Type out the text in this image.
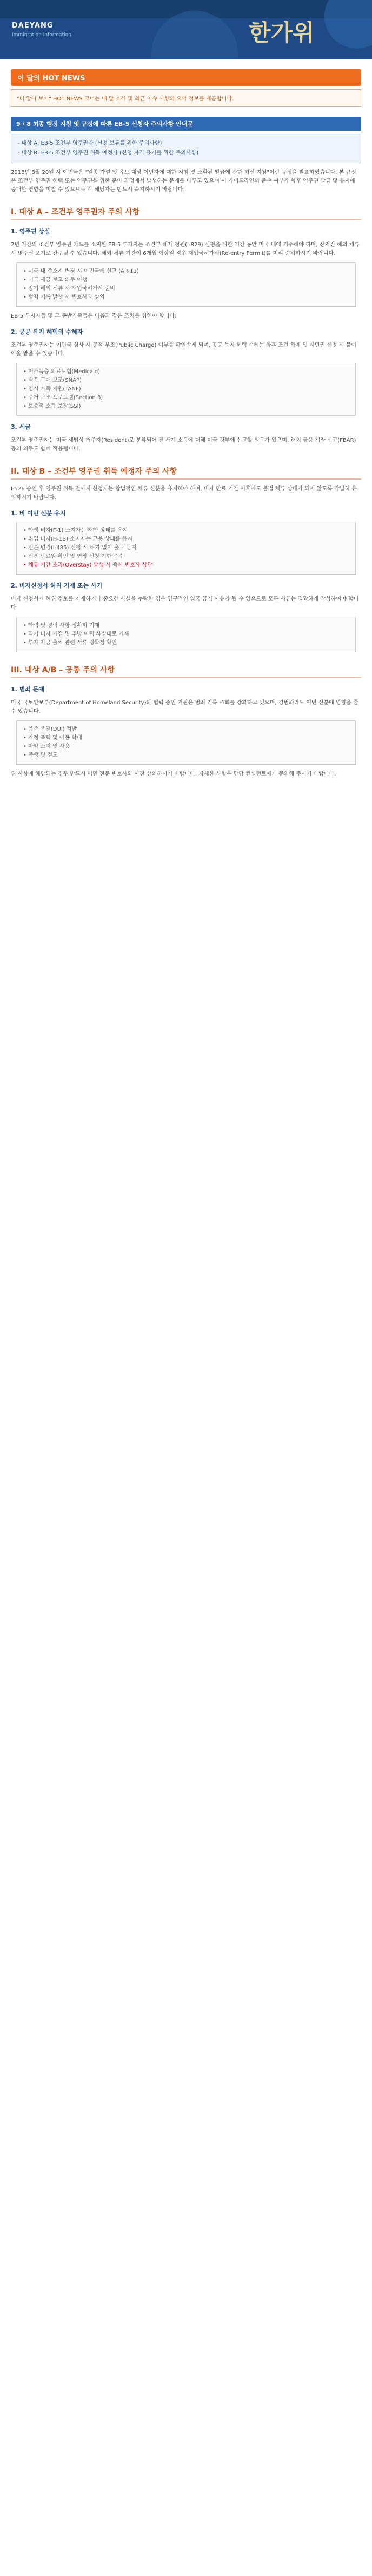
DAEYANG
Immigration Information	한가위
이 달의 HOT NEWS
"더 알아 보기" HOT NEWS 코너는 매 달 소식 및 최근 이슈 사항의 요약 정보를 제공합니다.
9 / 8 최종 행정 지침 및 규정에 따른 EB-5 신청자 주의사항 안내문
- 대상 A: EB-5 조건부 영주권자 (신청 보류를 위한 주의사항)
- 대상 B: EB-5 조건부 영주권 취득 예정자 (신청 자격 유지를 위한 주의사항)
2018년 8월 20일 시 이민국은 "일종 가설 및 유보 대상 이민자에 대한 지침 및 소환된 발급에 관한 최신 지침"이란 규정을 발표하였습니다. 본 규정은 조건부 영주권 혜택 또는 영주권을 위한 준비 과정에서 발생하는 문제를 다루고 있으며 이 가이드라인의 준수 여부가 향후 영주권 발급 및 유지에 중대한 영향을 미칠 수 있으므로 각 해당자는 반드시 숙지하시기 바랍니다.
I. 대상 A – 조건부 영주권자 주의 사항
1. 영주권 상실
2년 기간의 조건부 영주권 카드를 소지한 EB-5 투자자는 조건부 해제 청원(I-829) 신청을 위한 기간 동안 미국 내에 거주해야 하며, 장기간 해외 체류 시 영주권 포기로 간주될 수 있습니다. 해외 체류 기간이 6개월 이상일 경우 재입국허가서(Re-entry Permit)를 미리 준비하시기 바랍니다.
• 미국 내 주소지 변경 시 이민국에 신고 (AR-11)
• 미국 세금 보고 의무 이행
• 장기 해외 체류 시 재입국허가서 준비
• 범죄 기록 발생 시 변호사와 상의
EB-5 투자자들 및 그 동반가족들은 다음과 같은 조치를 취해야 합니다:
2. 공공 복지 혜택의 수혜자
조건부 영주권자는 이민국 심사 시 공적 부조(Public Charge) 여부를 확인받게 되며, 공공 복지 혜택 수혜는 향후 조건 해제 및 시민권 신청 시 불이익을 받을 수 있습니다.
• 저소득층 의료보험(Medicaid)
• 식품 구매 보조(SNAP)
• 임시 가족 지원(TANF)
• 주거 보조 프로그램(Section 8)
• 보충적 소득 보장(SSI)
3. 세금
조건부 영주권자는 미국 세법상 거주자(Resident)로 분류되어 전 세계 소득에 대해 미국 정부에 신고할 의무가 있으며, 해외 금융 계좌 신고(FBAR) 등의 의무도 함께 적용됩니다.
II. 대상 B – 조건부 영주권 취득 예정자 주의 사항
I-526 승인 후 영주권 취득 전까지 신청자는 합법적인 체류 신분을 유지해야 하며, 비자 만료 기간 이후에도 불법 체류 상태가 되지 않도록 각별히 유의하시기 바랍니다.
1. 비 이민 신분 유지
• 학생 비자(F-1) 소지자는 재학 상태를 유지
• 취업 비자(H-1B) 소지자는 고용 상태를 유지
• 신분 변경(I-485) 신청 시 허가 없이 출국 금지
• 신분 만료일 확인 및 연장 신청 기한 준수
• 체류 기간 초과(Overstay) 발생 시 즉시 변호사 상담
2. 비자신청서 허위 기재 또는 사기
비자 신청서에 허위 정보를 기재하거나 중요한 사실을 누락한 경우 영구적인 입국 금지 사유가 될 수 있으므로 모든 서류는 정확하게 작성하여야 합니다.
• 학력 및 경력 사항 정확히 기재
• 과거 비자 거절 및 추방 이력 사실대로 기재
• 투자 자금 출처 관련 서류 정확성 확인
III. 대상 A/B – 공통 주의 사항
1. 범죄 문제
미국 국토안보부(Department of Homeland Security)와 협력 중인 기관은 범죄 기록 조회를 강화하고 있으며, 경범죄라도 이민 신분에 영향을 줄 수 있습니다.
• 음주 운전(DUI) 적발
• 가정 폭력 및 아동 학대
• 마약 소지 및 사용
• 폭행 및 절도
위 사항에 해당되는 경우 반드시 이민 전문 변호사와 사전 상의하시기 바랍니다. 자세한 사항은 담당 컨설턴트에게 문의해 주시기 바랍니다.
